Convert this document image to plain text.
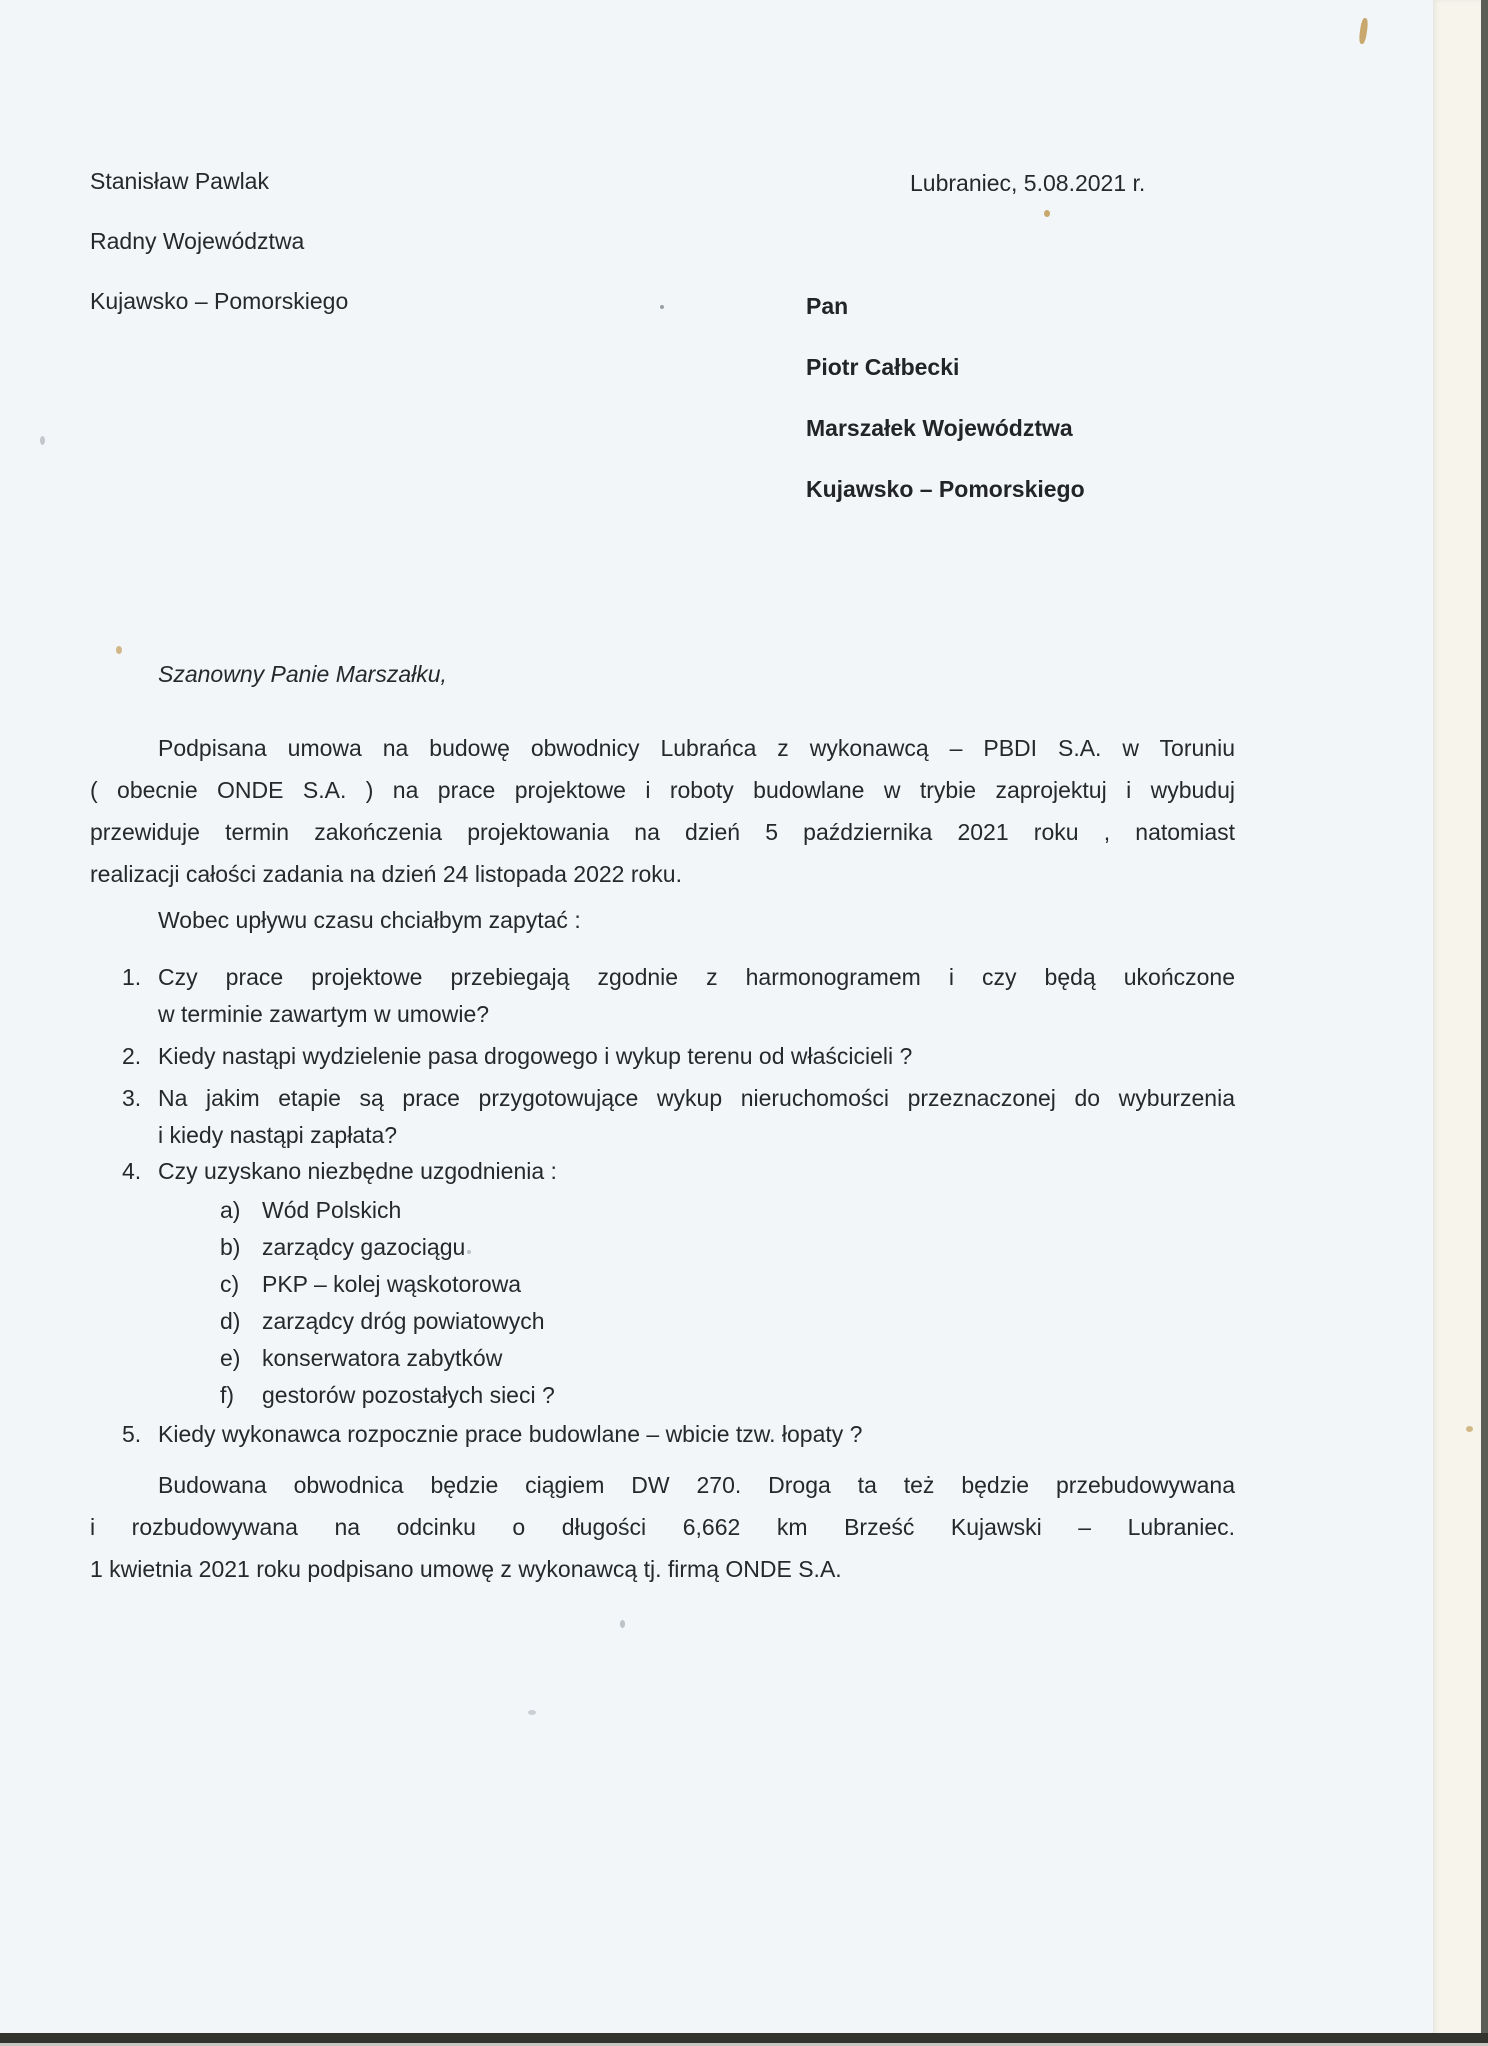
Stanisław Pawlak
Radny Województwa
Kujawsko – Pomorskiego
Lubraniec, 5.08.2021 r.
Pan
Piotr Całbecki
Marszałek Województwa
Kujawsko – Pomorskiego
Szanowny Panie Marszałku,
Podpisana umowa na budowę obwodnicy Lubrańca z wykonawcą – PBDI S.A. w Toruniu
( obecnie ONDE S.A. ) na prace projektowe i roboty budowlane w trybie zaprojektuj i wybuduj
przewiduje termin zakończenia projektowania na dzień 5 października 2021 roku , natomiast
realizacji całości zadania na dzień 24 listopada 2022 roku.
Wobec upływu czasu chciałbym zapytać :
1. Czy prace projektowe przebiegają zgodnie z harmonogramem i czy będą ukończone
w terminie zawartym w umowie?
2. Kiedy nastąpi wydzielenie pasa drogowego i wykup terenu od właścicieli ?
3. Na jakim etapie są prace przygotowujące wykup nieruchomości przeznaczonej do wyburzenia
i kiedy nastąpi zapłata?
4. Czy uzyskano niezbędne uzgodnienia :
a) Wód Polskich
b) zarządcy gazociągu
c) PKP – kolej wąskotorowa
d) zarządcy dróg powiatowych
e) konserwatora zabytków
f) gestorów pozostałych sieci ?
5. Kiedy wykonawca rozpocznie prace budowlane – wbicie tzw. łopaty ?
Budowana obwodnica będzie ciągiem DW 270. Droga ta też będzie przebudowywana
i rozbudowywana na odcinku o długości 6,662 km Brześć Kujawski – Lubraniec.
1 kwietnia 2021 roku podpisano umowę z wykonawcą tj. firmą ONDE S.A.
